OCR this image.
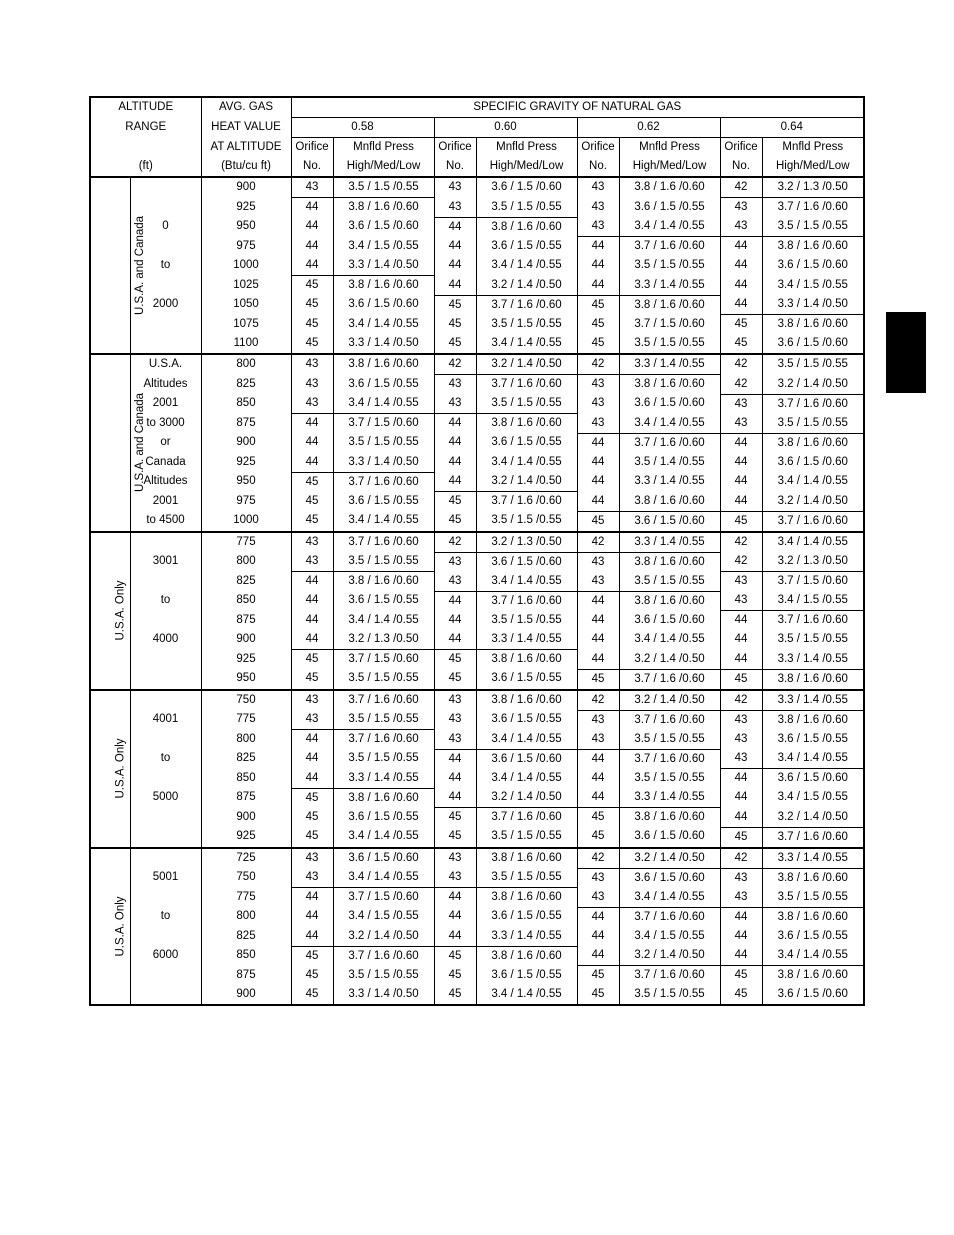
ALTITUDE		AVG. GAS	SPECIFIC GRAVITY OF NATURAL GAS							
RANGE		HEAT VALUE	0.58		0.60		0.62		0.64	
		AT ALTITUDE	Orifice	Mnfld Press	Orifice	Mnfld Press	Orifice	Mnfld Press	Orifice	Mnfld Press
(ft)		(Btu/cu ft)	No.	High/Med/Low	No.	High/Med/Low	No.	High/Med/Low	No.	High/Med/Low
U.S.A. and Canada		900	43	3.5 / 1.5 /0.55	43	3.6 / 1.5 /0.60	43	3.8 / 1.6 /0.60	42	3.2 / 1.3 /0.50
		925	44	3.8 / 1.6 /0.60	43	3.5 / 1.5 /0.55	43	3.6 / 1.5 /0.55	43	3.7 / 1.6 /0.60
	0	950	44	3.6 / 1.5 /0.60	44	3.8 / 1.6 /0.60	43	3.4 / 1.4 /0.55	43	3.5 / 1.5 /0.55
		975	44	3.4 / 1.5 /0.55	44	3.6 / 1.5 /0.55	44	3.7 / 1.6 /0.60	44	3.8 / 1.6 /0.60
	to	1000	44	3.3 / 1.4 /0.50	44	3.4 / 1.4 /0.55	44	3.5 / 1.5 /0.55	44	3.6 / 1.5 /0.60
		1025	45	3.8 / 1.6 /0.60	44	3.2 / 1.4 /0.50	44	3.3 / 1.4 /0.55	44	3.4 / 1.5 /0.55
	2000	1050	45	3.6 / 1.5 /0.60	45	3.7 / 1.6 /0.60	45	3.8 / 1.6 /0.60	44	3.3 / 1.4 /0.50
		1075	45	3.4 / 1.4 /0.55	45	3.5 / 1.5 /0.55	45	3.7 / 1.5 /0.60	45	3.8 / 1.6 /0.60
		1100	45	3.3 / 1.4 /0.50	45	3.4 / 1.4 /0.55	45	3.5 / 1.5 /0.55	45	3.6 / 1.5 /0.60
U.S.A. and Canada	U.S.A.	800	43	3.8 / 1.6 /0.60	42	3.2 / 1.4 /0.50	42	3.3 / 1.4 /0.55	42	3.5 / 1.5 /0.55
	Altitudes	825	43	3.6 / 1.5 /0.55	43	3.7 / 1.6 /0.60	43	3.8 / 1.6 /0.60	42	3.2 / 1.4 /0.50
	2001	850	43	3.4 / 1.4 /0.55	43	3.5 / 1.5 /0.55	43	3.6 / 1.5 /0.60	43	3.7 / 1.6 /0.60
	to 3000	875	44	3.7 / 1.5 /0.60	44	3.8 / 1.6 /0.60	43	3.4 / 1.4 /0.55	43	3.5 / 1.5 /0.55
	or	900	44	3.5 / 1.5 /0.55	44	3.6 / 1.5 /0.55	44	3.7 / 1.6 /0.60	44	3.8 / 1.6 /0.60
	Canada	925	44	3.3 / 1.4 /0.50	44	3.4 / 1.4 /0.55	44	3.5 / 1.4 /0.55	44	3.6 / 1.5 /0.60
	Altitudes	950	45	3.7 / 1.6 /0.60	44	3.2 / 1.4 /0.50	44	3.3 / 1.4 /0.55	44	3.4 / 1.4 /0.55
	2001	975	45	3.6 / 1.5 /0.55	45	3.7 / 1.6 /0.60	44	3.8 / 1.6 /0.60	44	3.2 / 1.4 /0.50
	to 4500	1000	45	3.4 / 1.4 /0.55	45	3.5 / 1.5 /0.55	45	3.6 / 1.5 /0.60	45	3.7 / 1.6 /0.60
U.S.A. Only		775	43	3.7 / 1.6 /0.60	42	3.2 / 1.3 /0.50	42	3.3 / 1.4 /0.55	42	3.4 / 1.4 /0.55
	3001	800	43	3.5 / 1.5 /0.55	43	3.6 / 1.5 /0.60	43	3.8 / 1.6 /0.60	42	3.2 / 1.3 /0.50
		825	44	3.8 / 1.6 /0.60	43	3.4 / 1.4 /0.55	43	3.5 / 1.5 /0.55	43	3.7 / 1.5 /0.60
	to	850	44	3.6 / 1.5 /0.55	44	3.7 / 1.6 /0.60	44	3.8 / 1.6 /0.60	43	3.4 / 1.5 /0.55
		875	44	3.4 / 1.4 /0.55	44	3.5 / 1.5 /0.55	44	3.6 / 1.5 /0.60	44	3.7 / 1.6 /0.60
	4000	900	44	3.2 / 1.3 /0.50	44	3.3 / 1.4 /0.55	44	3.4 / 1.4 /0.55	44	3.5 / 1.5 /0.55
		925	45	3.7 / 1.5 /0.60	45	3.8 / 1.6 /0.60	44	3.2 / 1.4 /0.50	44	3.3 / 1.4 /0.55
		950	45	3.5 / 1.5 /0.55	45	3.6 / 1.5 /0.55	45	3.7 / 1.6 /0.60	45	3.8 / 1.6 /0.60
U.S.A. Only		750	43	3.7 / 1.6 /0.60	43	3.8 / 1.6 /0.60	42	3.2 / 1.4 /0.50	42	3.3 / 1.4 /0.55
	4001	775	43	3.5 / 1.5 /0.55	43	3.6 / 1.5 /0.55	43	3.7 / 1.6 /0.60	43	3.8 / 1.6 /0.60
		800	44	3.7 / 1.6 /0.60	43	3.4 / 1.4 /0.55	43	3.5 / 1.5 /0.55	43	3.6 / 1.5 /0.55
	to	825	44	3.5 / 1.5 /0.55	44	3.6 / 1.5 /0.60	44	3.7 / 1.6 /0.60	43	3.4 / 1.4 /0.55
		850	44	3.3 / 1.4 /0.55	44	3.4 / 1.4 /0.55	44	3.5 / 1.5 /0.55	44	3.6 / 1.5 /0.60
	5000	875	45	3.8 / 1.6 /0.60	44	3.2 / 1.4 /0.50	44	3.3 / 1.4 /0.55	44	3.4 / 1.5 /0.55
		900	45	3.6 / 1.5 /0.55	45	3.7 / 1.6 /0.60	45	3.8 / 1.6 /0.60	44	3.2 / 1.4 /0.50
		925	45	3.4 / 1.4 /0.55	45	3.5 / 1.5 /0.55	45	3.6 / 1.5 /0.60	45	3.7 / 1.6 /0.60
U.S.A. Only		725	43	3.6 / 1.5 /0.60	43	3.8 / 1.6 /0.60	42	3.2 / 1.4 /0.50	42	3.3 / 1.4 /0.55
	5001	750	43	3.4 / 1.4 /0.55	43	3.5 / 1.5 /0.55	43	3.6 / 1.5 /0.60	43	3.8 / 1.6 /0.60
		775	44	3.7 / 1.5 /0.60	44	3.8 / 1.6 /0.60	43	3.4 / 1.4 /0.55	43	3.5 / 1.5 /0.55
	to	800	44	3.4 / 1.5 /0.55	44	3.6 / 1.5 /0.55	44	3.7 / 1.6 /0.60	44	3.8 / 1.6 /0.60
		825	44	3.2 / 1.4 /0.50	44	3.3 / 1.4 /0.55	44	3.4 / 1.5 /0.55	44	3.6 / 1.5 /0.55
	6000	850	45	3.7 / 1.6 /0.60	45	3.8 / 1.6 /0.60	44	3.2 / 1.4 /0.50	44	3.4 / 1.4 /0.55
		875	45	3.5 / 1.5 /0.55	45	3.6 / 1.5 /0.55	45	3.7 / 1.6 /0.60	45	3.8 / 1.6 /0.60
		900	45	3.3 / 1.4 /0.50	45	3.4 / 1.4 /0.55	45	3.5 / 1.5 /0.55	45	3.6 / 1.5 /0.60
